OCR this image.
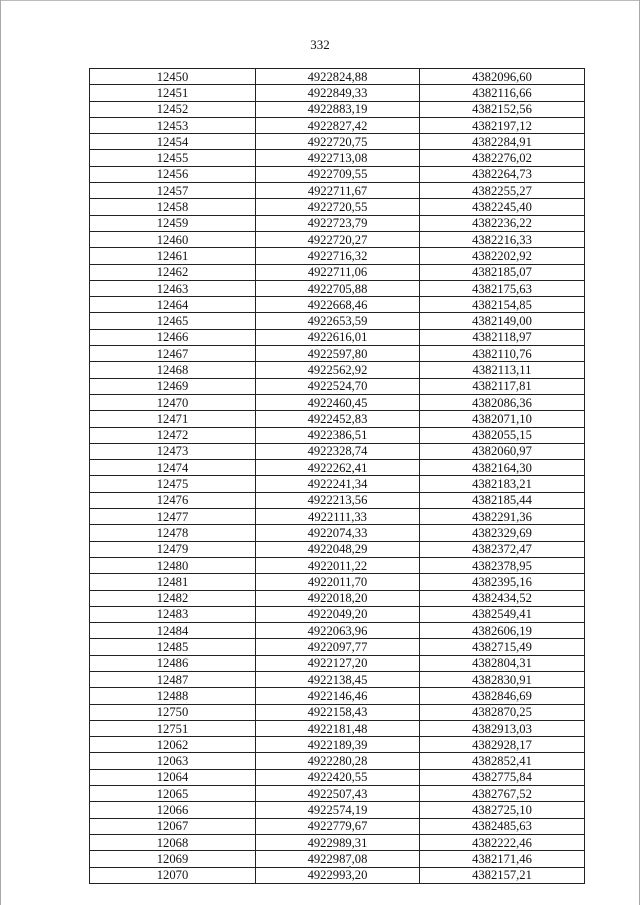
332
12450	4922824,88	4382096,60
12451	4922849,33	4382116,66
12452	4922883,19	4382152,56
12453	4922827,42	4382197,12
12454	4922720,75	4382284,91
12455	4922713,08	4382276,02
12456	4922709,55	4382264,73
12457	4922711,67	4382255,27
12458	4922720,55	4382245,40
12459	4922723,79	4382236,22
12460	4922720,27	4382216,33
12461	4922716,32	4382202,92
12462	4922711,06	4382185,07
12463	4922705,88	4382175,63
12464	4922668,46	4382154,85
12465	4922653,59	4382149,00
12466	4922616,01	4382118,97
12467	4922597,80	4382110,76
12468	4922562,92	4382113,11
12469	4922524,70	4382117,81
12470	4922460,45	4382086,36
12471	4922452,83	4382071,10
12472	4922386,51	4382055,15
12473	4922328,74	4382060,97
12474	4922262,41	4382164,30
12475	4922241,34	4382183,21
12476	4922213,56	4382185,44
12477	4922111,33	4382291,36
12478	4922074,33	4382329,69
12479	4922048,29	4382372,47
12480	4922011,22	4382378,95
12481	4922011,70	4382395,16
12482	4922018,20	4382434,52
12483	4922049,20	4382549,41
12484	4922063,96	4382606,19
12485	4922097,77	4382715,49
12486	4922127,20	4382804,31
12487	4922138,45	4382830,91
12488	4922146,46	4382846,69
12750	4922158,43	4382870,25
12751	4922181,48	4382913,03
12062	4922189,39	4382928,17
12063	4922280,28	4382852,41
12064	4922420,55	4382775,84
12065	4922507,43	4382767,52
12066	4922574,19	4382725,10
12067	4922779,67	4382485,63
12068	4922989,31	4382222,46
12069	4922987,08	4382171,46
12070	4922993,20	4382157,21
